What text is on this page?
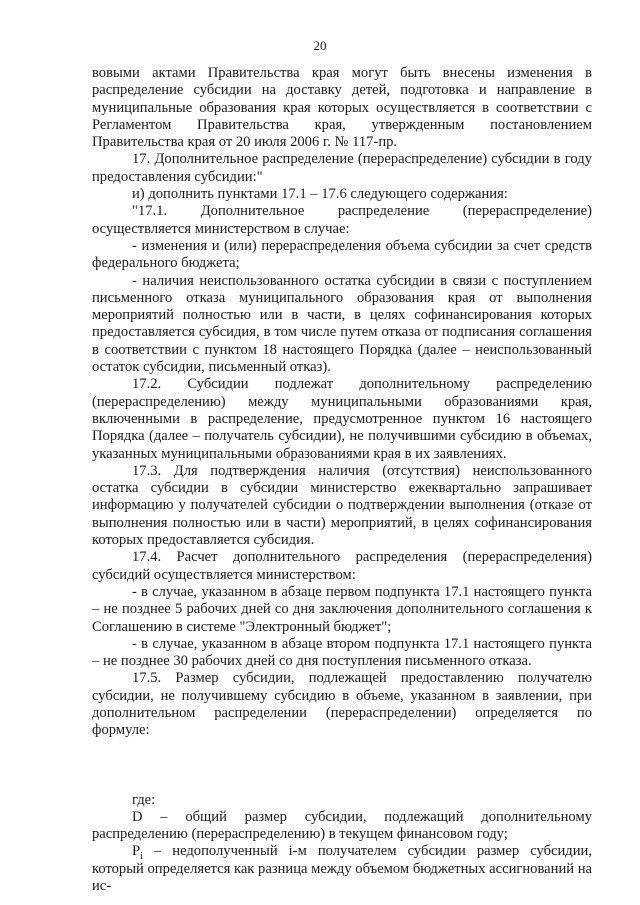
20

вовыми актами Правительства края могут быть внесены изменения в распределение субсидии на доставку детей, подготовка и направление в муниципальные образования края которых осуществляется в соответствии с Регламентом Правительства края, утвержденным постановлением Правительства края от 20 июля 2006 г. № 117-пр.

17. Дополнительное распределение (перераспределение) субсидии в году предоставления субсидии:"

и) дополнить пунктами 17.1 – 17.6 следующего содержания:

"17.1. Дополнительное распределение (перераспределение) осуществляется министерством в случае:

- изменения и (или) перераспределения объема субсидии за счет средств федерального бюджета;

- наличия неиспользованного остатка субсидии в связи с поступлением письменного отказа муниципального образования края от выполнения мероприятий полностью или в части, в целях софинансирования которых предоставляется субсидия, в том числе путем отказа от подписания соглашения в соответствии с пунктом 18 настоящего Порядка (далее – неиспользованный остаток субсидии, письменный отказ).

17.2. Субсидии подлежат дополнительному распределению (перераспределению) между муниципальными образованиями края, включенными в распределение, предусмотренное пунктом 16 настоящего Порядка (далее – получатель субсидии), не получившими субсидию в объемах, указанных муниципальными образованиями края в их заявлениях.

17.3. Для подтверждения наличия (отсутствия) неиспользованного остатка субсидии в субсидии министерство ежеквартально запрашивает информацию у получателей субсидии о подтверждении выполнения (отказе от выполнения полностью или в части) мероприятий, в целях софинансирования которых предоставляется субсидия.

17.4. Расчет дополнительного распределения (перераспределения) субсидий осуществляется министерством:

- в случае, указанном в абзаце первом подпункта 17.1 настоящего пункта – не позднее 5 рабочих дней со дня заключения дополнительного соглашения к Соглашению в системе "Электронный бюджет";

- в случае, указанном в абзаце втором подпункта 17.1 настоящего пункта – не позднее 30 рабочих дней со дня поступления письменного отказа.

17.5. Размер субсидии, подлежащей предоставлению получателю субсидии, не получившему субсидию в объеме, указанном в заявлении, при дополнительном распределении (перераспределении) определяется по формуле:

где:

D – общий размер субсидии, подлежащий дополнительному распределению (перераспределению) в текущем финансовом году;

$P_i$ – недополученный i-м получателем субсидии размер субсидии, который определяется как разница между объемом бюджетных ассигнований на ис-
